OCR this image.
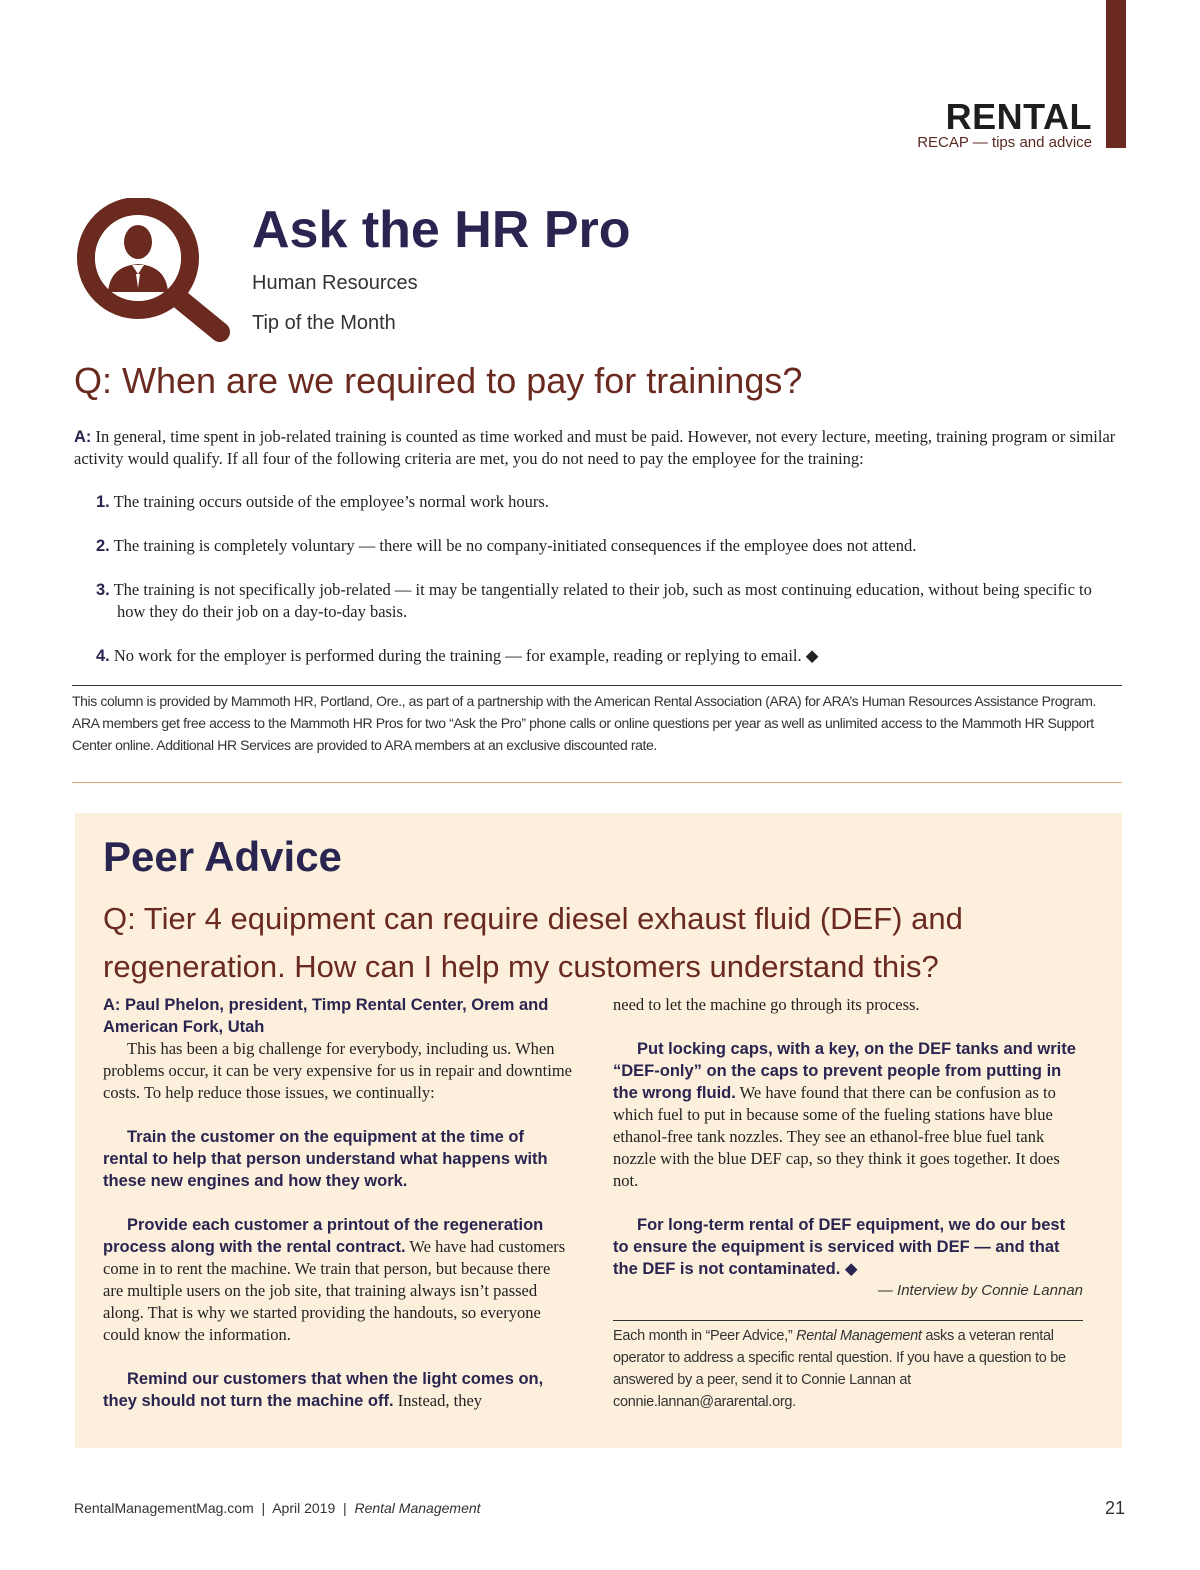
RENTAL
RECAP — tips and advice
Ask the HR Pro
Human Resources
Tip of the Month
Q: When are we required to pay for trainings?
A: In general, time spent in job-related training is counted as time worked and must be paid. However, not every lecture, meeting, training program or similar activity would qualify. If all four of the following criteria are met, you do not need to pay the employee for the training:
1. The training occurs outside of the employee’s normal work hours.
2. The training is completely voluntary — there will be no company-initiated consequences if the employee does not attend.
3. The training is not specifically job-related — it may be tangentially related to their job, such as most continuing education, without being specific to how they do their job on a day-to-day basis.
4. No work for the employer is performed during the training — for example, reading or replying to email. ◆
This column is provided by Mammoth HR, Portland, Ore., as part of a partnership with the American Rental Association (ARA) for ARA’s Human Resources Assistance Program. ARA members get free access to the Mammoth HR Pros for two “Ask the Pro” phone calls or online questions per year as well as unlimited access to the Mammoth HR Support Center online. Additional HR Services are provided to ARA members at an exclusive discounted rate.
Peer Advice
Q: Tier 4 equipment can require diesel exhaust fluid (DEF) and regeneration. How can I help my customers understand this?

A: Paul Phelon, president, Timp Rental Center, Orem and American Fork, Utah

This has been a big challenge for everybody, including us. When problems occur, it can be very expensive for us in repair and downtime costs. To help reduce those issues, we continually:

Train the customer on the equipment at the time of rental to help that person understand what happens with these new engines and how they work.

Provide each customer a printout of the regeneration process along with the rental contract. We have had customers come in to rent the machine. We train that person, but because there are multiple users on the job site, that training always isn’t passed along. That is why we started providing the handouts, so everyone could know the information.

Remind our customers that when the light comes on, they should not turn the machine off. Instead, they

need to let the machine go through its process.

Put locking caps, with a key, on the DEF tanks and write “DEF-only” on the caps to prevent people from putting in the wrong fluid. We have found that there can be confusion as to which fuel to put in because some of the fueling stations have blue ethanol-free tank nozzles. They see an ethanol-free blue fuel tank nozzle with the blue DEF cap, so they think it goes together. It does not.

For long-term rental of DEF equipment, we do our best to ensure the equipment is serviced with DEF — and that the DEF is not contaminated. ◆

— Interview by Connie Lannan

Each month in “Peer Advice,” Rental Management asks a veteran rental operator to address a specific rental question. If you have a question to be answered by a peer, send it to Connie Lannan at connie.lannan@ararental.org.
RentalManagementMag.com  |  April 2019  |  Rental Management	21
